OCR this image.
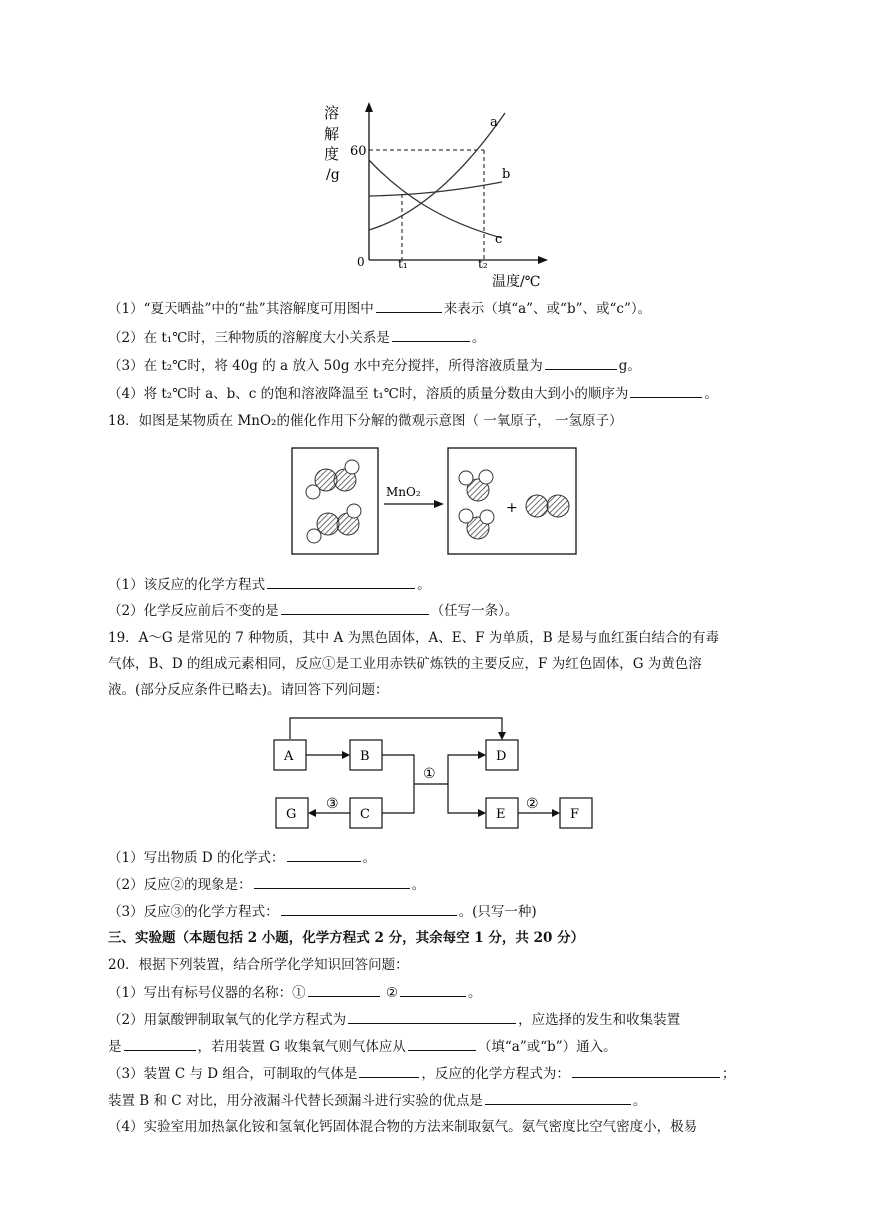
溶
解
度
/g
60
0
a
b
c
t₁	t₂
温度/℃
（1）“夏天晒盐”中的“盐”其溶解度可用图中	来表示（填“a”、或“b”、或“c”）。
（2）在 t₁℃时，三种物质的溶解度大小关系是	。
（3）在 t₂℃时，将 40g 的 a 放入 50g 水中充分搅拌，所得溶液质量为	g。
（4）将 t₂℃时 a、b、c 的饱和溶液降温至 t₁℃时，溶质的质量分数由大到小的顺序为	。
18．如图是某物质在 MnO₂的催化作用下分解的微观示意图（ 一氧原子， 一氢原子）
MnO₂
+
（1）该反应的化学方程式	。
（2）化学反应前后不变的是	（任写一条）。
19．A～G 是常见的 7 种物质，其中 A 为黑色固体，A、E、F 为单质，B 是易与血红蛋白结合的有毒
气体，B、D 的组成元素相同，反应①是工业用赤铁矿炼铁的主要反应，F 为红色固体，G 为黄色溶
液。(部分反应条件已略去)。请回答下列问题：
A	B	D
G	C	E	F
①
③	②
（1）写出物质 D 的化学式：	。
（2）反应②的现象是：	。
（3）反应③的化学方程式：	。(只写一种)
三、实验题（本题包括 2 小题，化学方程式 2 分，其余每空 1 分，共 20 分）
20．根据下列装置，结合所学化学知识回答问题：
（1）写出有标号仪器的名称：①	②	。
（2）用氯酸钾制取氧气的化学方程式为	，应选择的发生和收集装置
是	，若用装置 G 收集氧气则气体应从	（填“a”或“b”）通入。
（3）装置 C 与 D 组合，可制取的气体是	，反应的化学方程式为：	；
装置 B 和 C 对比，用分液漏斗代替长颈漏斗进行实验的优点是	。
（4）实验室用加热氯化铵和氢氧化钙固体混合物的方法来制取氨气。氨气密度比空气密度小，极易
